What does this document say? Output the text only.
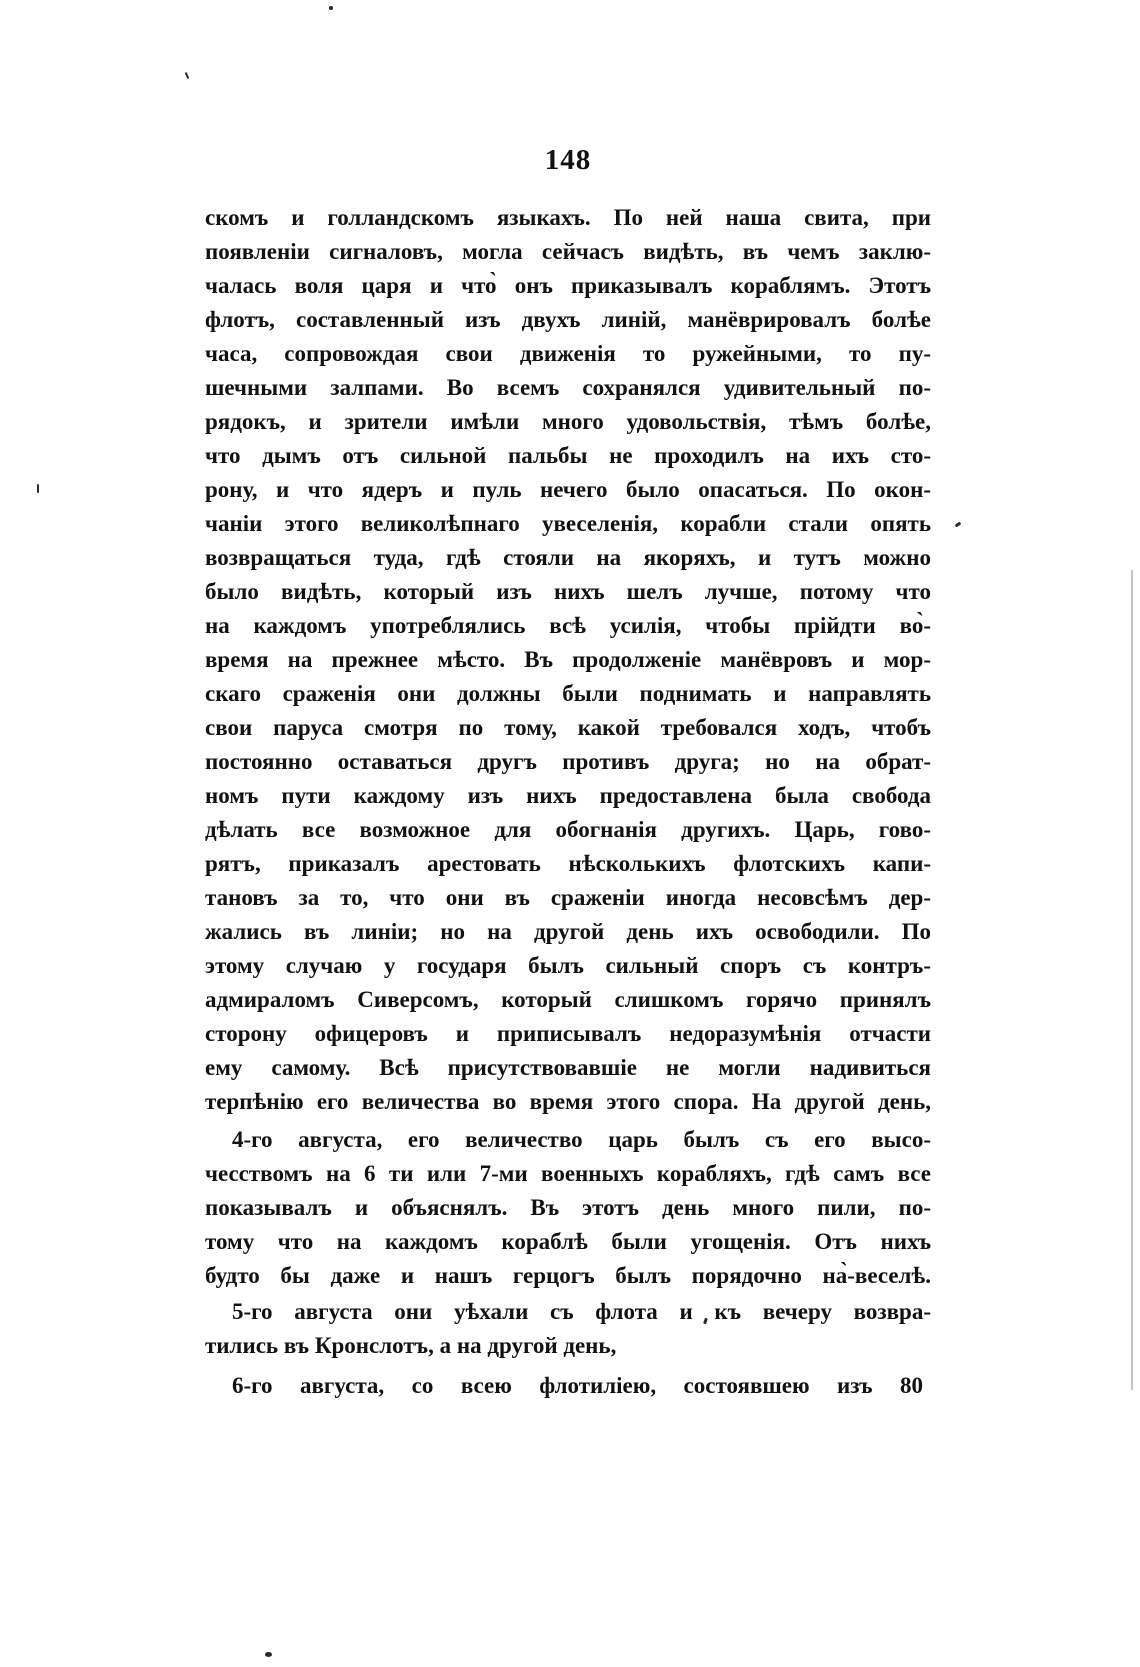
148
скомъ и голландскомъ языкахъ. По ней наша свита, при
появленіи сигналовъ, могла сейчасъ видѣть, въ чемъ заклю-
чалась воля царя и что̀ онъ приказывалъ кораблямъ. Этотъ
флотъ, составленный изъ двухъ линій, манёврировалъ болѣе
часа, сопровождая свои движенія то ружейными, то пу-
шечными залпами. Во всемъ сохранялся удивительный по-
рядокъ, и зрители имѣли много удовольствія, тѣмъ болѣе,
что дымъ отъ сильной пальбы не проходилъ на ихъ сто-
рону, и что ядеръ и пуль нечего было опасаться. По окон-
чаніи этого великолѣпнаго увеселенія, корабли стали опять
возвращаться туда, гдѣ стояли на якоряхъ, и тутъ можно
было видѣть, который изъ нихъ шелъ лучше, потому что
на каждомъ употреблялись всѣ усилія, чтобы прійдти во̀-
время на прежнее мѣсто. Въ продолженіе манёвровъ и мор-
скаго сраженія они должны были поднимать и направлять
свои паруса смотря по тому, какой требовался ходъ, чтобъ
постоянно оставаться другъ противъ друга; но на обрат-
номъ пути каждому изъ нихъ предоставлена была свобода
дѣлать все возможное для обогнанія другихъ. Царь, гово-
рятъ, приказалъ арестовать нѣсколькихъ флотскихъ капи-
тановъ за то, что они въ сраженіи иногда несовсѣмъ дер-
жались въ линіи; но на другой день ихъ освободили. По
этому случаю у государя былъ сильный споръ съ контръ-
адмираломъ Сиверсомъ, который слишкомъ горячо принялъ
сторону офицеровъ и приписывалъ недоразумѣнія отчасти
ему самому. Всѣ присутствовавшіе не могли надивиться
терпѣнію его величества во время этого спора. На другой день,
4-го августа, его величество царь былъ съ его высо-
чесствомъ на 6 ти или 7-ми военныхъ корабляхъ, гдѣ самъ все
показывалъ и объяснялъ. Въ этотъ день много пили, по-
тому что на каждомъ кораблѣ были угощенія. Отъ нихъ
будто бы даже и нашъ герцогъ былъ порядочно на̀-веселѣ.
5-го августа они уѣхали съ флота и къ вечеру возвра-
тились въ Кронслотъ, а на другой день,
6-го августа, со всею флотиліею, состоявшею изъ 80
